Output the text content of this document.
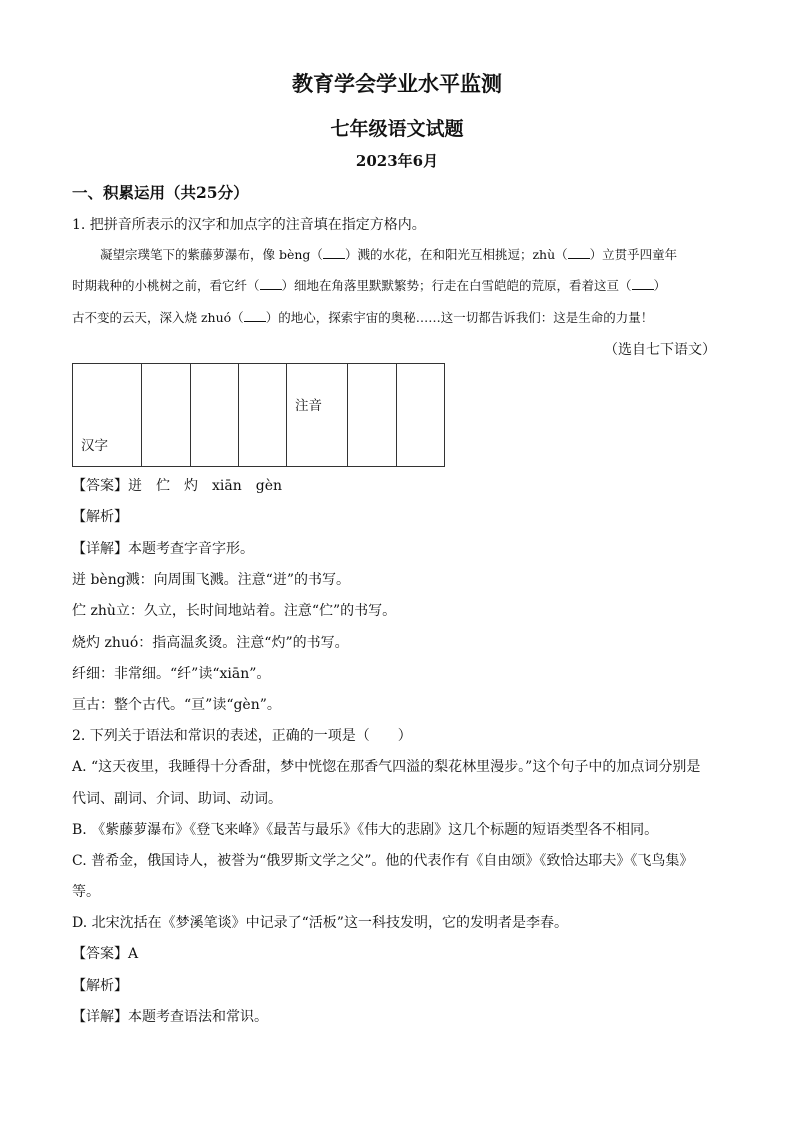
教育学会学业水平监测
七年级语文试题
2023年6月
一、积累运用（共25分）
1. 把拼音所表示的汉字和加点字的注音填在指定方格内。
凝望宗璞笔下的紫藤萝瀑布，像 bèng（ ）溅的水花，在和阳光互相挑逗；zhù（ ）立贯乎四童年
时期栽种的小桃树之前，看它纤（ ）细地在角落里默默繁势；行走在白雪皑皑的荒原，看着这亘（ ）
古不变的云天，深入烧 zhuó（ ）的地心，探索宇宙的奥秘……这一切都告诉我们：这是生命的力量！
（选自七下语文）
汉字				注音		
【答案】迸　伫　灼　xiān　gèn
【解析】
【详解】本题考查字音字形。
迸 bèng溅：向周围飞溅。注意“迸”的书写。
伫 zhù立：久立，长时间地站着。注意“伫”的书写。
烧灼 zhuó：指高温炙烫。注意“灼”的书写。
纤细：非常细。“纤”读“xiān”。
亘古：整个古代。“亘”读“gèn”。
2. 下列关于语法和常识的表述，正确的一项是（　　）
A. “这天夜里，我睡得十分香甜，梦中恍惚在那香气四溢的梨花林里漫步。”这个句子中的加点词分别是
代词、副词、介词、助词、动词。
B. 《紫藤萝瀑布》《登飞来峰》《最苦与最乐》《伟大的悲剧》这几个标题的短语类型各不相同。
C. 普希金，俄国诗人，被誉为“俄罗斯文学之父”。他的代表作有《自由颂》《致恰达耶夫》《飞鸟集》
等。
D. 北宋沈括在《梦溪笔谈》中记录了“活板”这一科技发明，它的发明者是李春。
【答案】A
【解析】
【详解】本题考查语法和常识。
